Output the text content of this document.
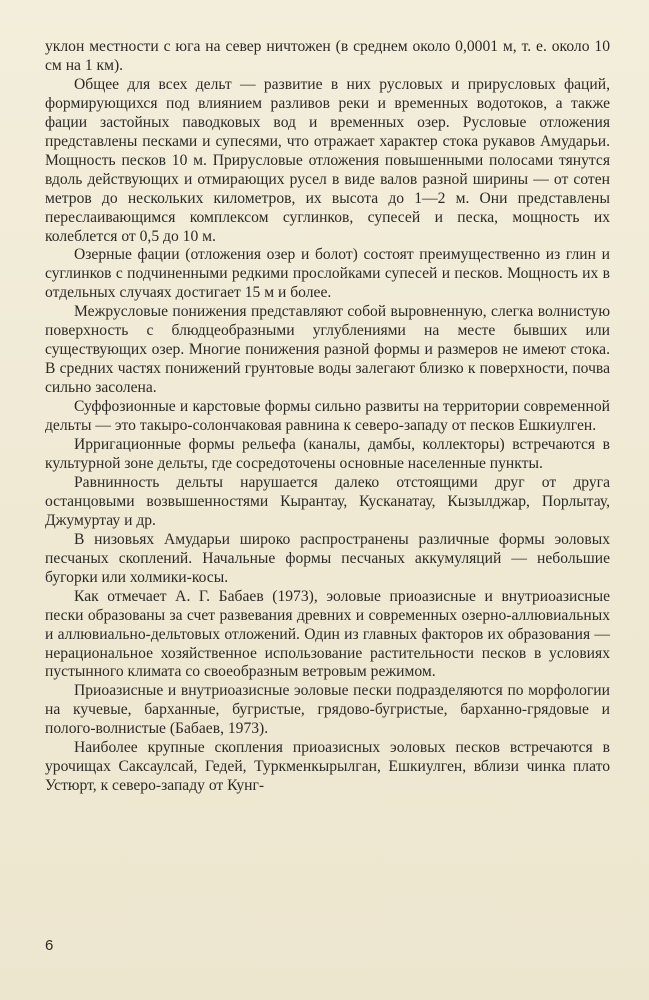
уклон местности с юга на север ничтожен (в среднем около 0,0001 м, т. е. около 10 см на 1 км).

Общее для всех дельт — развитие в них русловых и прирусловых фаций, формирующихся под влиянием разливов реки и временных водотоков, а также фации застойных паводковых вод и временных озер. Русловые отложения представлены песками и супесями, что отражает характер стока рукавов Амударьи. Мощность песков 10 м. Прирусловые отложения повышенными полосами тянутся вдоль действующих и отмирающих русел в виде валов разной ширины — от сотен метров до нескольких километров, их высота до 1—2 м. Они представлены переслаивающимся комплексом суглинков, супесей и песка, мощность их колеблется от 0,5 до 10 м.

Озерные фации (отложения озер и болот) состоят преимущественно из глин и суглинков с подчиненными редкими прослойками супесей и песков. Мощность их в отдельных случаях достигает 15 м и более.

Межрусловые понижения представляют собой выровненную, слегка волнистую поверхность с блюдцеобразными углублениями на месте бывших или существующих озер. Многие понижения разной формы и размеров не имеют стока. В средних частях понижений грунтовые воды залегают близко к поверхности, почва сильно засолена.

Суффозионные и карстовые формы сильно развиты на территории современной дельты — это такыро-солончаковая равнина к северо-западу от песков Ешкиулген.

Ирригационные формы рельефа (каналы, дамбы, коллекторы) встречаются в культурной зоне дельты, где сосредоточены основные населенные пункты.

Равнинность дельты нарушается далеко отстоящими друг от друга останцовыми возвышенностями Кырантау, Кусканатау, Кызылджар, Порлытау, Джумуртау и др.

В низовьях Амударьи широко распространены различные формы эоловых песчаных скоплений. Начальные формы песчаных аккумуляций — небольшие бугорки или холмики-косы.

Как отмечает А. Г. Бабаев (1973), эоловые приоазисные и внутриоазисные пески образованы за счет развевания древних и современных озерно-аллювиальных и аллювиально-дельтовых отложений. Один из главных факторов их образования — нерациональное хозяйственное использование растительности песков в условиях пустынного климата со своеобразным ветровым режимом.

Приоазисные и внутриоазисные эоловые пески подразделяются по морфологии на кучевые, барханные, бугристые, грядово-бугристые, барханно-грядовые и полого-волнистые (Бабаев, 1973).

Наиболее крупные скопления приоазисных эоловых песков встречаются в урочищах Саксаулсай, Гедей, Туркменкырылган, Ешкиулген, вблизи чинка плато Устюрт, к северо-западу от Кунг-

6
